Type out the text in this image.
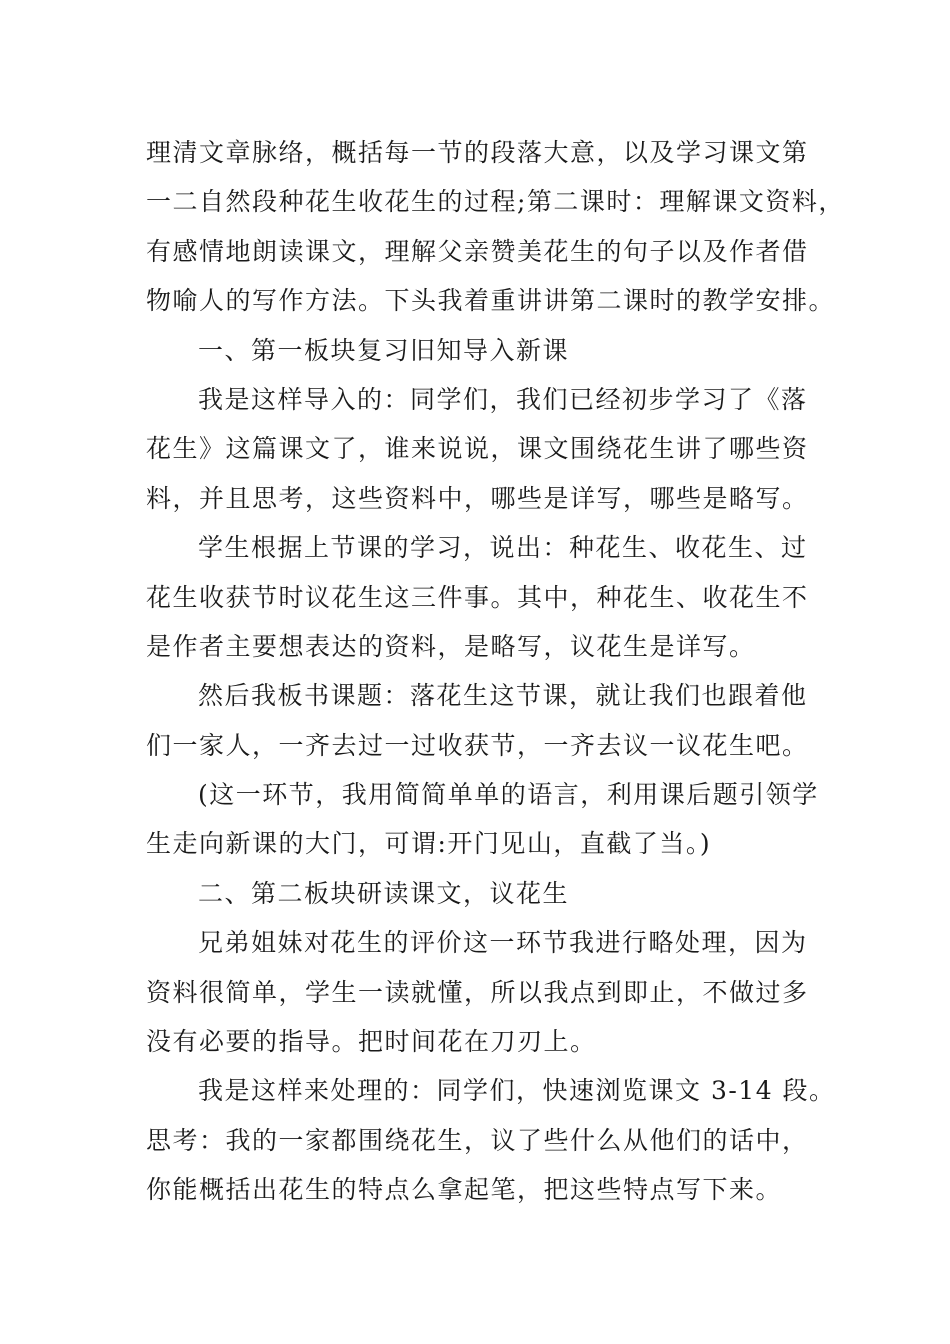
理清文章脉络，概括每一节的段落大意，以及学习课文第
一二自然段种花生收花生的过程;第二课时：理解课文资料，
有感情地朗读课文，理解父亲赞美花生的句子以及作者借
物喻人的写作方法。下头我着重讲讲第二课时的教学安排。
一、第一板块复习旧知导入新课
我是这样导入的：同学们，我们已经初步学习了《落
花生》这篇课文了，谁来说说，课文围绕花生讲了哪些资
料，并且思考，这些资料中，哪些是详写，哪些是略写。
学生根据上节课的学习，说出：种花生、收花生、过
花生收获节时议花生这三件事。其中，种花生、收花生不
是作者主要想表达的资料，是略写，议花生是详写。
然后我板书课题：落花生这节课，就让我们也跟着他
们一家人，一齐去过一过收获节，一齐去议一议花生吧。
(这一环节，我用简简单单的语言，利用课后题引领学
生走向新课的大门，可谓:开门见山，直截了当。)
二、第二板块研读课文，议花生
兄弟姐妹对花生的评价这一环节我进行略处理，因为
资料很简单，学生一读就懂，所以我点到即止，不做过多
没有必要的指导。把时间花在刀刃上。
我是这样来处理的：同学们，快速浏览课文 3-14 段。
思考：我的一家都围绕花生，议了些什么从他们的话中，
你能概括出花生的特点么拿起笔，把这些特点写下来。
